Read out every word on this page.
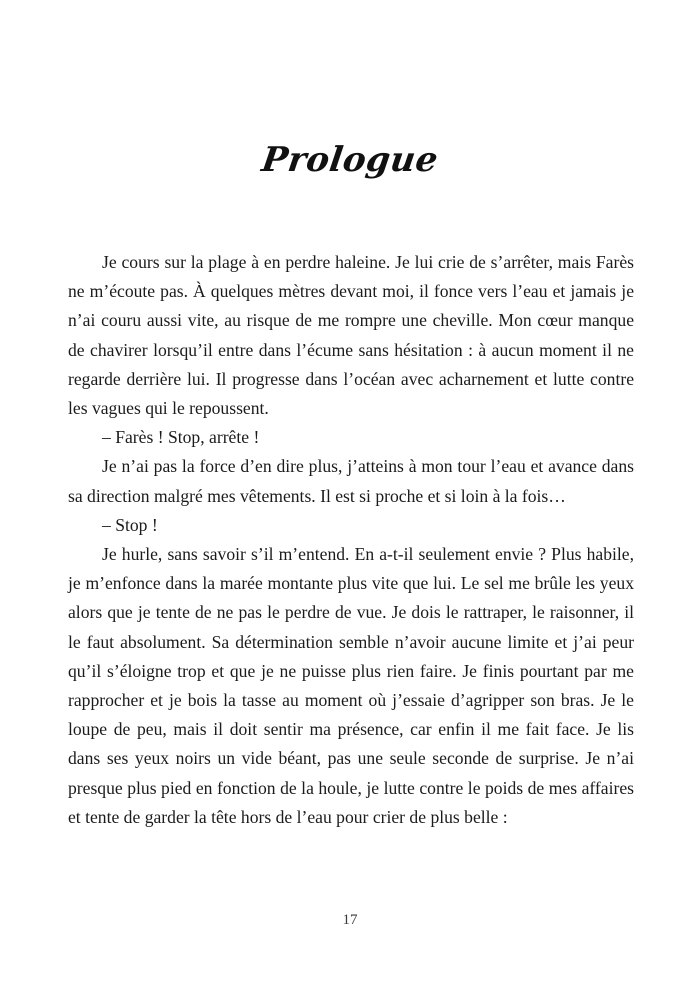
Prologue

Je cours sur la plage à en perdre haleine. Je lui crie de s’arrêter, mais Farès ne m’écoute pas. À quelques mètres devant moi, il fonce vers l’eau et jamais je n’ai couru aussi vite, au risque de me rompre une cheville. Mon cœur manque de chavirer lorsqu’il entre dans l’écume sans hésitation : à aucun moment il ne regarde derrière lui. Il progresse dans l’océan avec acharnement et lutte contre les vagues qui le repoussent.

– Farès ! Stop, arrête !

Je n’ai pas la force d’en dire plus, j’atteins à mon tour l’eau et avance dans sa direction malgré mes vêtements. Il est si proche et si loin à la fois…

– Stop !

Je hurle, sans savoir s’il m’entend. En a-t-il seulement envie ? Plus habile, je m’enfonce dans la marée montante plus vite que lui. Le sel me brûle les yeux alors que je tente de ne pas le perdre de vue. Je dois le rattraper, le raisonner, il le faut absolument. Sa détermination semble n’avoir aucune limite et j’ai peur qu’il s’éloigne trop et que je ne puisse plus rien faire. Je finis pourtant par me rapprocher et je bois la tasse au moment où j’essaie d’agripper son bras. Je le loupe de peu, mais il doit sentir ma présence, car enfin il me fait face. Je lis dans ses yeux noirs un vide béant, pas une seule seconde de surprise. Je n’ai presque plus pied en fonction de la houle, je lutte contre le poids de mes affaires et tente de garder la tête hors de l’eau pour crier de plus belle :

17
